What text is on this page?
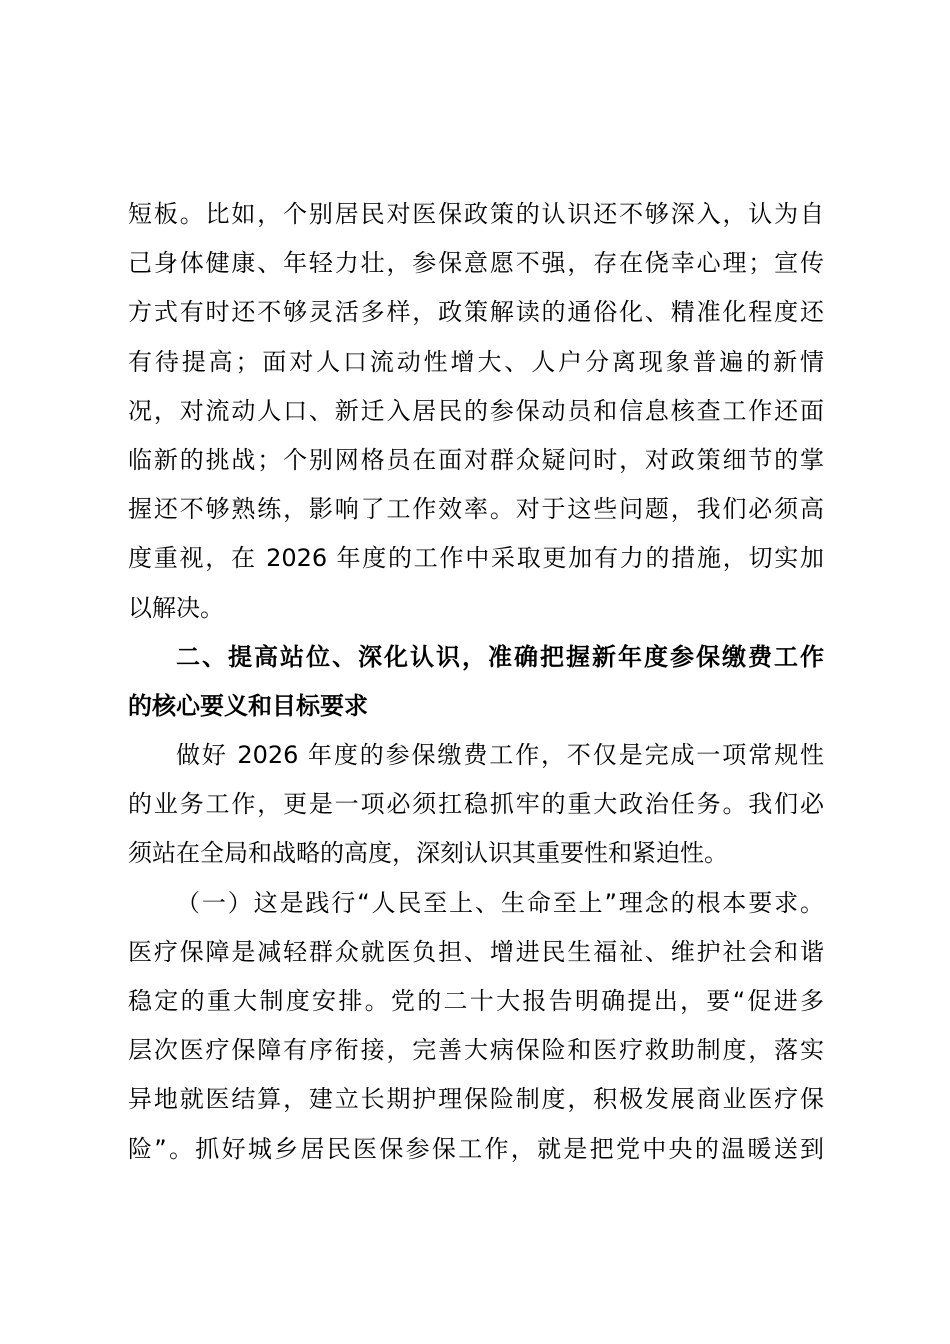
短板。比如，个别居民对医保政策的认识还不够深入，认为自
己身体健康、年轻力壮，参保意愿不强，存在侥幸心理；宣传
方式有时还不够灵活多样，政策解读的通俗化、精准化程度还
有待提高；面对人口流动性增大、人户分离现象普遍的新情
况，对流动人口、新迁入居民的参保动员和信息核查工作还面
临新的挑战；个别网格员在面对群众疑问时，对政策细节的掌
握还不够熟练，影响了工作效率。对于这些问题，我们必须高
度重视，在 2026 年度的工作中采取更加有力的措施，切实加
以解决。
二、提高站位、深化认识，准确把握新年度参保缴费工作
的核心要义和目标要求
做好 2026 年度的参保缴费工作，不仅是完成一项常规性
的业务工作，更是一项必须扛稳抓牢的重大政治任务。我们必
须站在全局和战略的高度，深刻认识其重要性和紧迫性。
（一）这是践行“人民至上、生命至上”理念的根本要求。
医疗保障是减轻群众就医负担、增进民生福祉、维护社会和谐
稳定的重大制度安排。党的二十大报告明确提出，要“促进多
层次医疗保障有序衔接，完善大病保险和医疗救助制度，落实
异地就医结算，建立长期护理保险制度，积极发展商业医疗保
险”。抓好城乡居民医保参保工作，就是把党中央的温暖送到
